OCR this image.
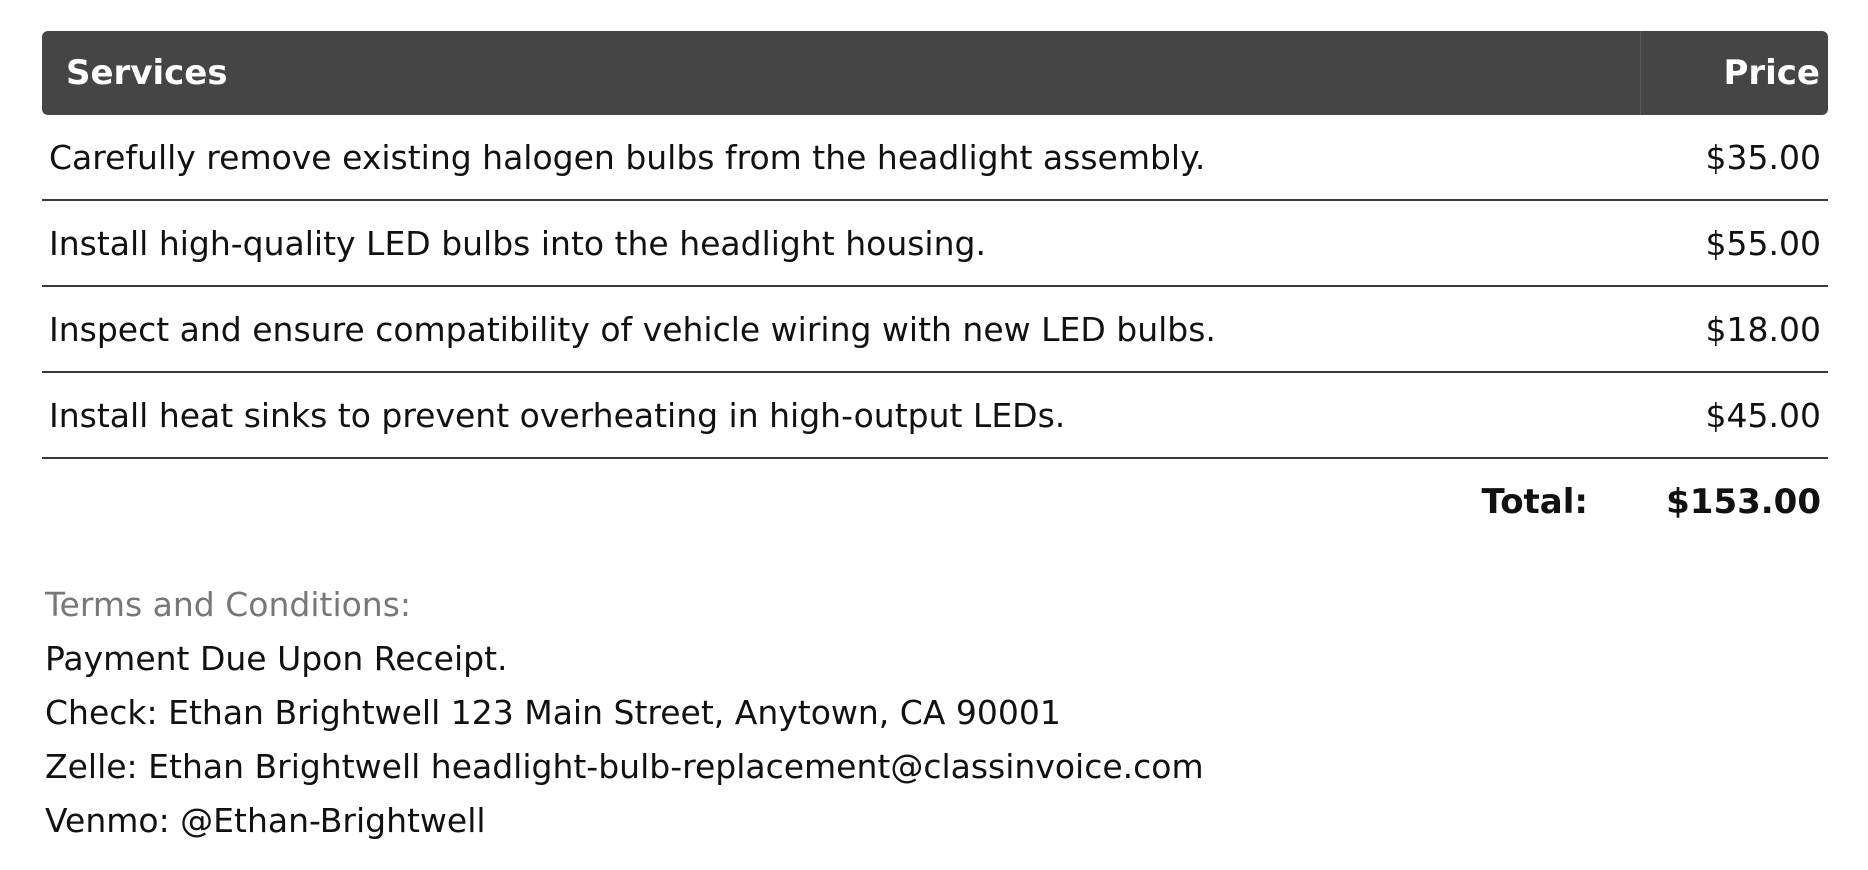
Services	Price
Carefully remove existing halogen bulbs from the headlight assembly.	$35.00
Install high-quality LED bulbs into the headlight housing.	$55.00
Inspect and ensure compatibility of vehicle wiring with new LED bulbs.	$18.00
Install heat sinks to prevent overheating in high-output LEDs.	$45.00
Total:	$153.00
Terms and Conditions:
Payment Due Upon Receipt.
Check: Ethan Brightwell 123 Main Street, Anytown, CA 90001
Zelle: Ethan Brightwell headlight-bulb-replacement@classinvoice.com
Venmo: @Ethan-Brightwell
